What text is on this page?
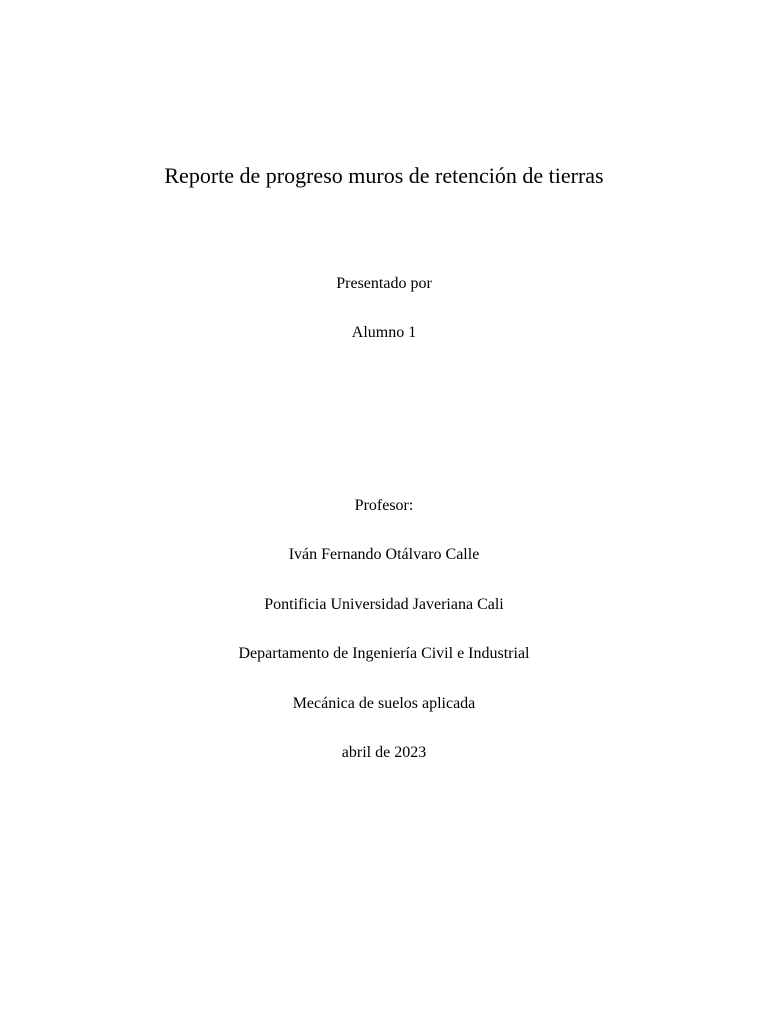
Reporte de progreso muros de retención de tierras
Presentado por
Alumno 1
Profesor:
Iván Fernando Otálvaro Calle
Pontificia Universidad Javeriana Cali
Departamento de Ingeniería Civil e Industrial
Mecánica de suelos aplicada
abril de 2023
